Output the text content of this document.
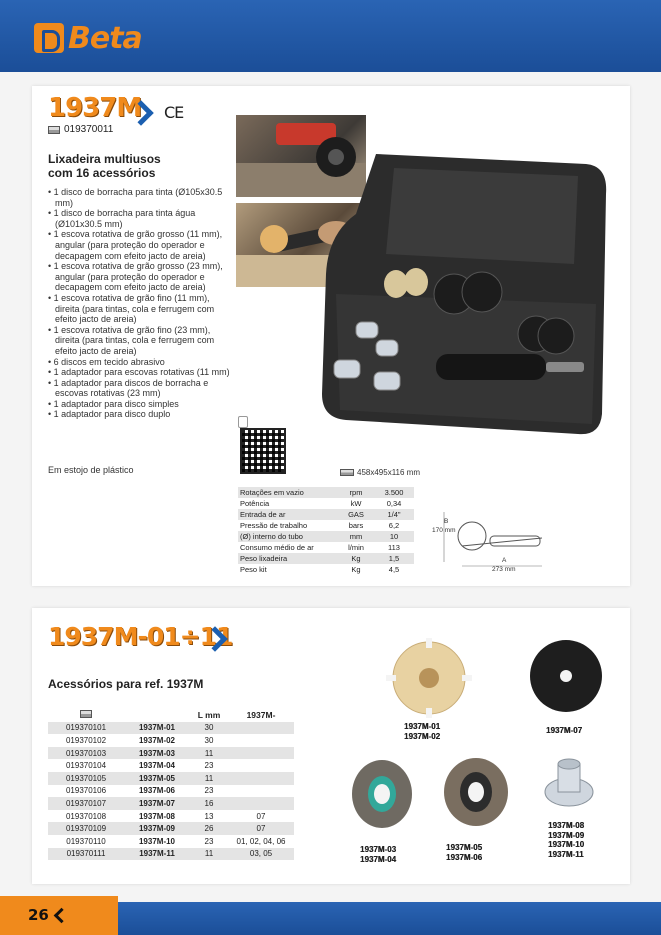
Beta
1937M CE
019370011
Lixadeira multiusos
com 16 acessórios
• 1 disco de borracha para tinta (Ø105x30.5 mm)
• 1 disco de borracha para tinta água (Ø101x30.5 mm)
• 1 escova rotativa de grão grosso (11 mm), angular (para proteção do operador e decapagem com efeito jacto de areia)
• 1 escova rotativa de grão grosso (23 mm), angular (para proteção do operador e decapagem com efeito jacto de areia)
• 1 escova rotativa de grão fino (11 mm), direita (para tintas, cola e ferrugem com efeito jacto de areia)
• 1 escova rotativa de grão fino (23 mm), direita (para tintas, cola e ferrugem com efeito jacto de areia)
• 6 discos em tecido abrasivo
• 1 adaptador para escovas rotativas (11 mm)
• 1 adaptador para discos de borracha e escovas rotativas (23 mm)
• 1 adaptador para disco simples
• 1 adaptador para disco duplo
Em estojo de plástico	458x495x116 mm
Rotações em vazio	rpm	3.500
Potência	kW	0,34
Entrada de ar	GAS	1/4"
Pressão de trabalho	bars	6,2
(Ø) interno do tubo	mm	10
Consumo médio de ar	l/min	113
Peso lixadeira	Kg	1,5
Peso kit	Kg	4,5
B
170 mm
A
273 mm
1937M-01÷11
Acessórios para ref. 1937M
		L mm	1937M-
019370101	1937M-01	30	
019370102	1937M-02	30	
019370103	1937M-03	11	
019370104	1937M-04	23	
019370105	1937M-05	11	
019370106	1937M-06	23	
019370107	1937M-07	16	
019370108	1937M-08	13	07
019370109	1937M-09	26	07
019370110	1937M-10	23	01, 02, 04, 06
019370111	1937M-11	11	03, 05
1937M-01
1937M-02
1937M-07
1937M-03
1937M-04
1937M-05
1937M-06
1937M-08
1937M-09
1937M-10
1937M-11
26
